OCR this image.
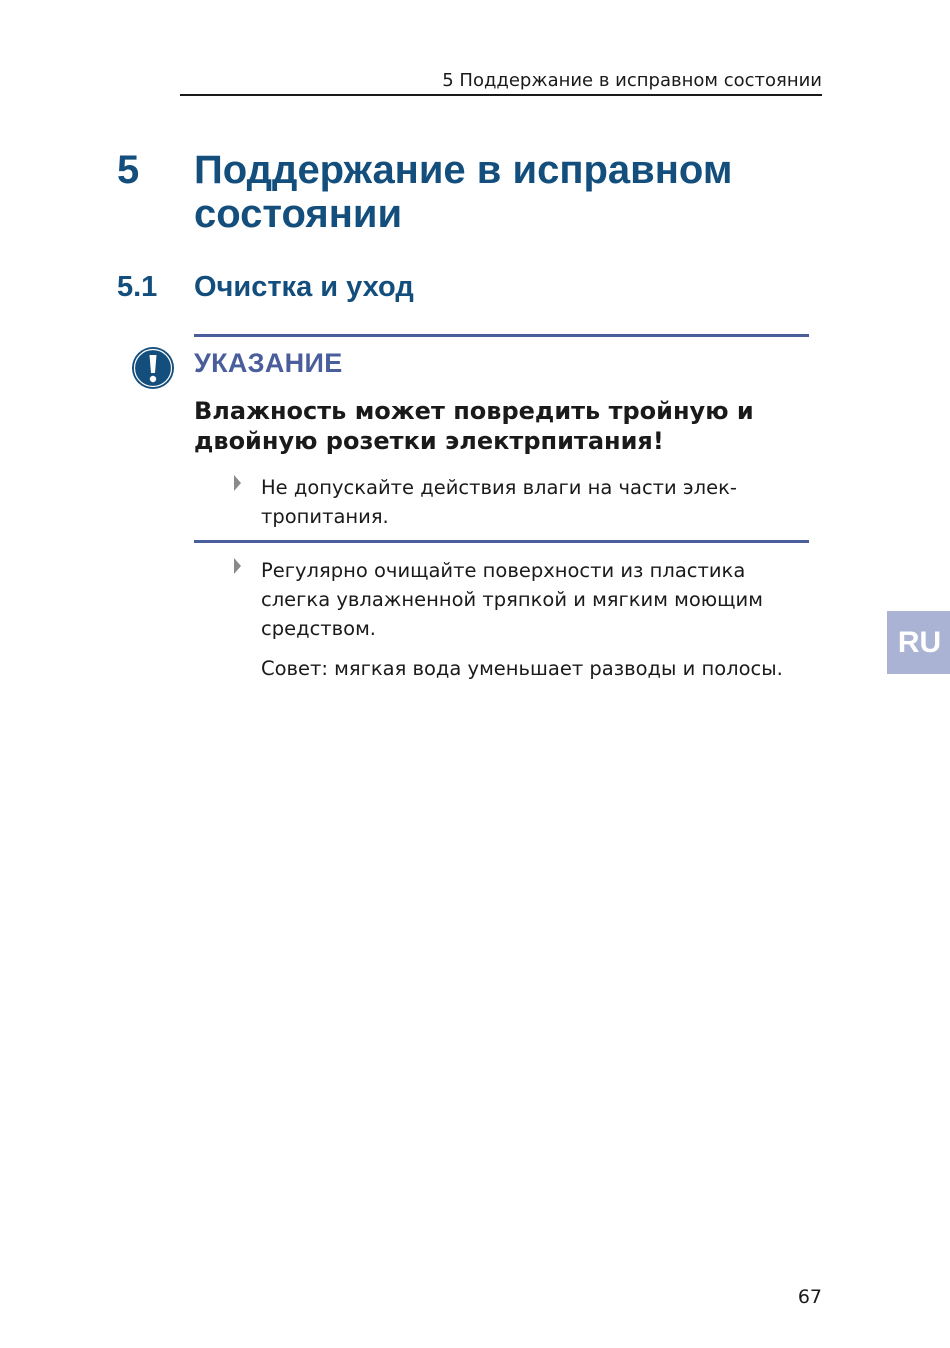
5 Поддержание в исправном состоянии
5 Поддержание в исправном состоянии
5.1 Очистка и уход
УКАЗАНИЕ

Влажность может повредить тройную и двойную розетки электрпитания!

Не допускайте действия влаги на части элек-тропитания.

Регулярно очищайте поверхности из пластика слегка увлажненной тряпкой и мягким моющим средством.

Совет: мягкая вода уменьшает разводы и полосы.

RU
67
